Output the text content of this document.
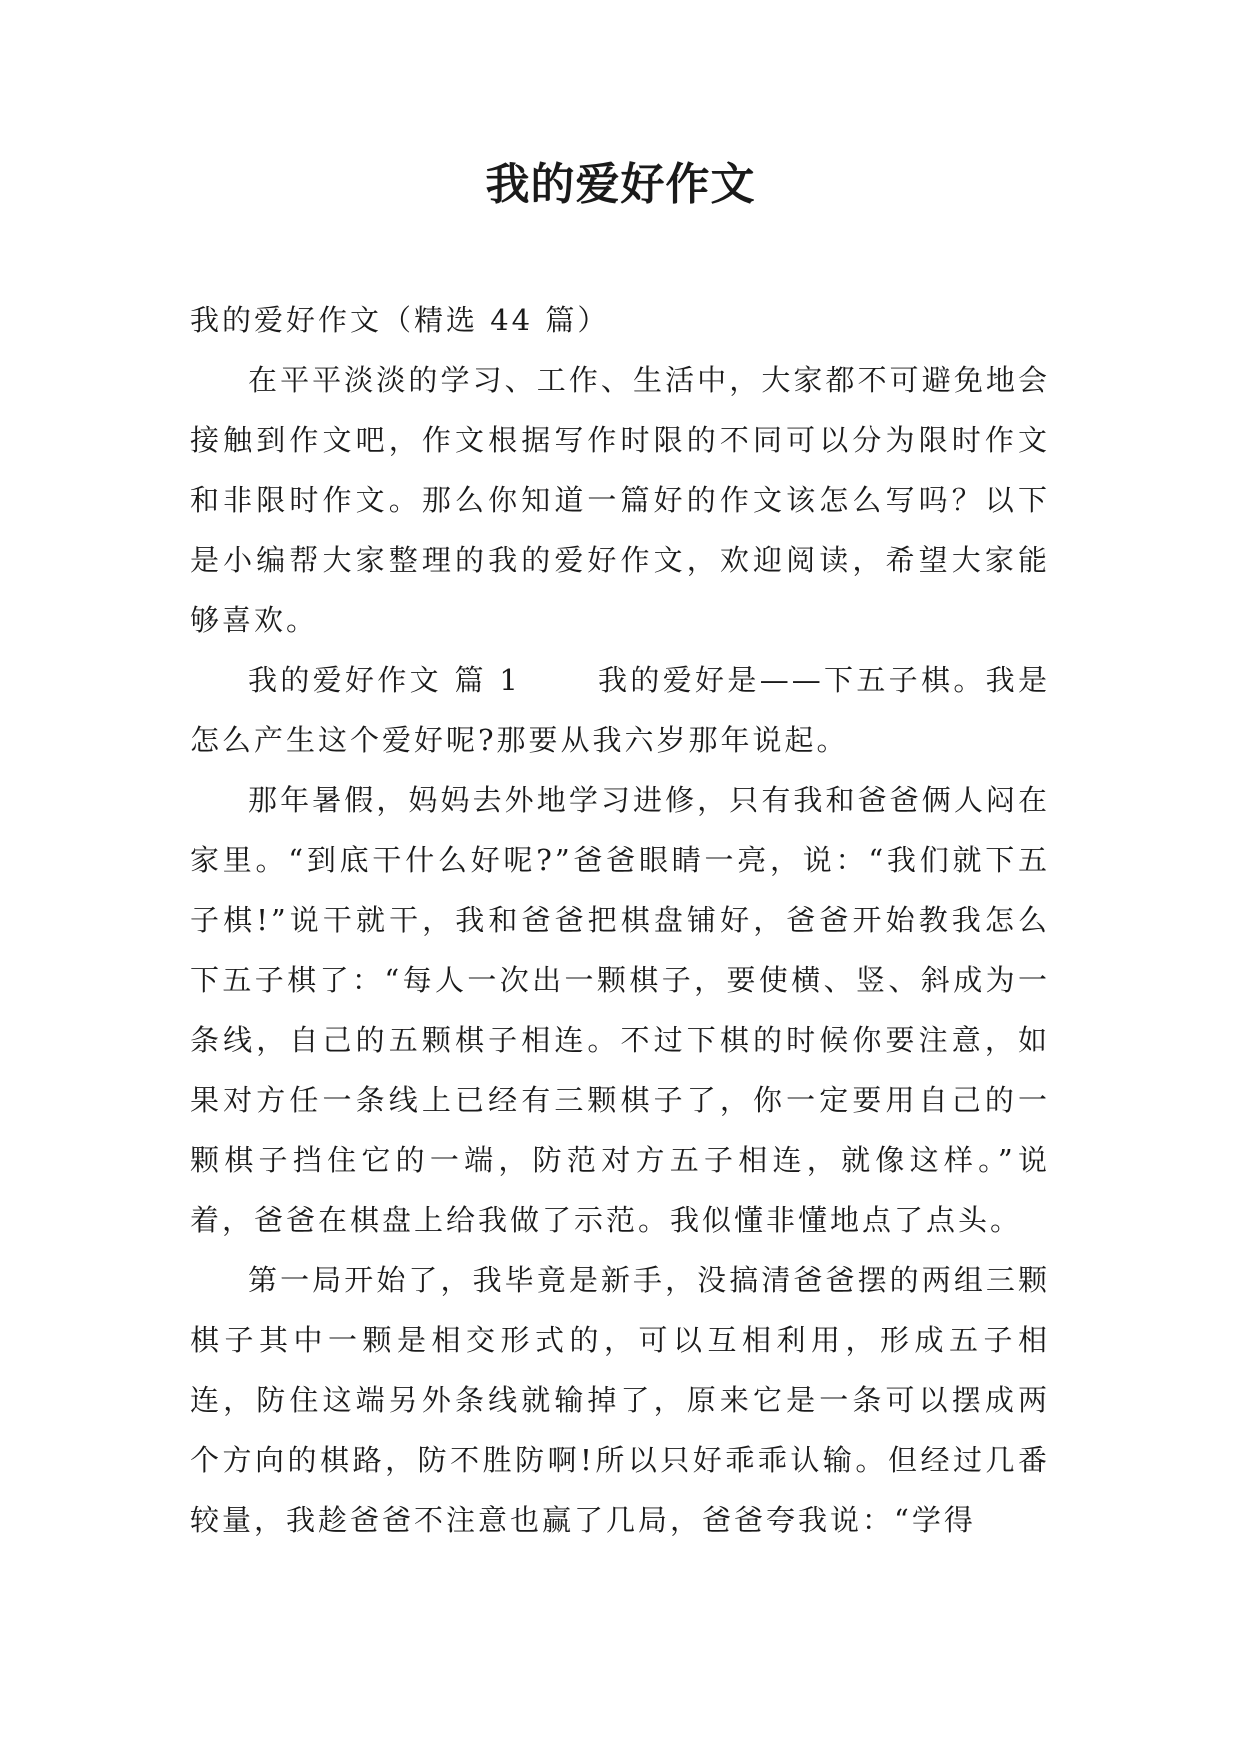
我的爱好作文

我的爱好作文（精选 44 篇）

在平平淡淡的学习、工作、生活中，大家都不可避免地会接触到作文吧，作文根据写作时限的不同可以分为限时作文和非限时作文。那么你知道一篇好的作文该怎么写吗？以下是小编帮大家整理的我的爱好作文，欢迎阅读，希望大家能够喜欢。

我的爱好作文 篇 1 　　我的爱好是——下五子棋。我是怎么产生这个爱好呢?那要从我六岁那年说起。

那年暑假，妈妈去外地学习进修，只有我和爸爸俩人闷在家里。“到底干什么好呢?”爸爸眼睛一亮，说：“我们就下五子棋!”说干就干，我和爸爸把棋盘铺好，爸爸开始教我怎么下五子棋了：“每人一次出一颗棋子，要使横、竖、斜成为一条线，自己的五颗棋子相连。不过下棋的时候你要注意，如果对方任一条线上已经有三颗棋子了，你一定要用自己的一颗棋子挡住它的一端，防范对方五子相连，就像这样。”说着，爸爸在棋盘上给我做了示范。我似懂非懂地点了点头。

第一局开始了，我毕竟是新手，没搞清爸爸摆的两组三颗棋子其中一颗是相交形式的，可以互相利用，形成五子相连，防住这端另外条线就输掉了，原来它是一条可以摆成两个方向的棋路，防不胜防啊!所以只好乖乖认输。但经过几番较量，我趁爸爸不注意也赢了几局，爸爸夸我说：“学得
